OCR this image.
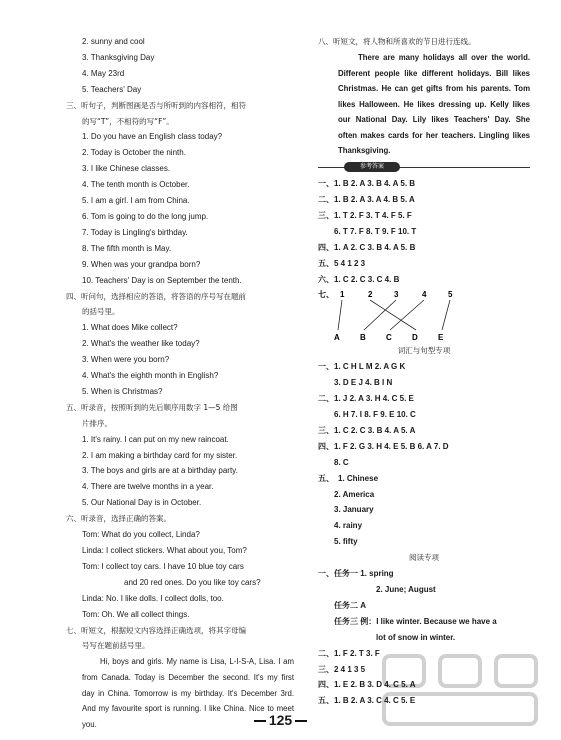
2. sunny and cool
3. Thanksgiving Day
4. May 23rd
5. Teachers' Day
三、听句子，判断图画是否与所听到的内容相符，相符
的写“T”，不相符的写“F”。
1. Do you have an English class today?
2. Today is October the ninth.
3. I like Chinese classes.
4. The tenth month is October.
5. I am a girl. I am from China.
6. Tom is going to do the long jump.
7. Today is Lingling's birthday.
8. The fifth month is May.
9. When was your grandpa born?
10. Teachers' Day is on September the tenth.
四、听问句，选择相应的答语，将答语的序号写在题前
的括号里。
1. What does Mike collect?
2. What's the weather like today?
3. When were you born?
4. What's the eighth month in English?
5. When is Christmas?
五、听录音，按照听到的先后顺序用数字 1—5 给图
片排序。
1. It's rainy. I can put on my new raincoat.
2. I am making a birthday card for my sister.
3. The boys and girls are at a birthday party.
4. There are twelve months in a year.
5. Our National Day is in October.
六、听录音，选择正确的答案。
Tom: What do you collect, Linda?
Linda: I collect stickers. What about you, Tom?
Tom: I collect toy cars. I have 10 blue toy cars
and 20 red ones. Do you like toy cars?
Linda: No. I like dolls. I collect dolls, too.
Tom: Oh. We all collect things.
七、听短文，根据短文内容选择正确选项，将其字母编
号写在题前括号里。
Hi, boys and girls. My name is Lisa, L-I-S-A, Lisa. I am from Canada. Today is December the second. It's my first day in China. Tomorrow is my birthday. It's December 3rd. And my favourite sport is running. I like China. Nice to meet you.
八、听短文，将人物和所喜欢的节日进行连线。
There are many holidays all over the world. Different people like different holidays. Bill likes Christmas. He can get gifts from his parents. Tom likes Halloween. He likes dressing up. Kelly likes our National Day. Lily likes Teachers' Day. She often makes cards for her teachers. Lingling likes Thanksgiving.
参考答案
一、1. B 2. A 3. B 4. A 5. B
二、1. B 2. A 3. A 4. B 5. A
三、1. T 2. F 3. T 4. F 5. F
6. T 7. F 8. T 9. F 10. T
四、1. A 2. C 3. B 4. A 5. B
五、5 4 1 2 3
六、1. C 2. C 3. C 4. B
七、 1	2	3	4	5
A	B	C	D	E
词汇与句型专项
一、1. C H L M 2. A G K
3. D E J 4. B I N
二、1. J 2. A 3. H 4. C 5. E
6. H 7. I 8. F 9. E 10. C
三、1. C 2. C 3. B 4. A 5. A
四、1. F 2. G 3. H 4. E 5. B 6. A 7. D
8. C
五、 1. Chinese
2. America
3. January
4. rainy
5. fifty
阅读专项
一、任务一 1. spring
2. June; August
任务二 A
任务三 例：I like winter. Because we have a
lot of snow in winter.
二、1. F 2. T 3. F
三、2 4 1 3 5
四、1. E 2. B 3. D 4. C 5. A
五、1. B 2. A 3. C 4. C 5. E
125
